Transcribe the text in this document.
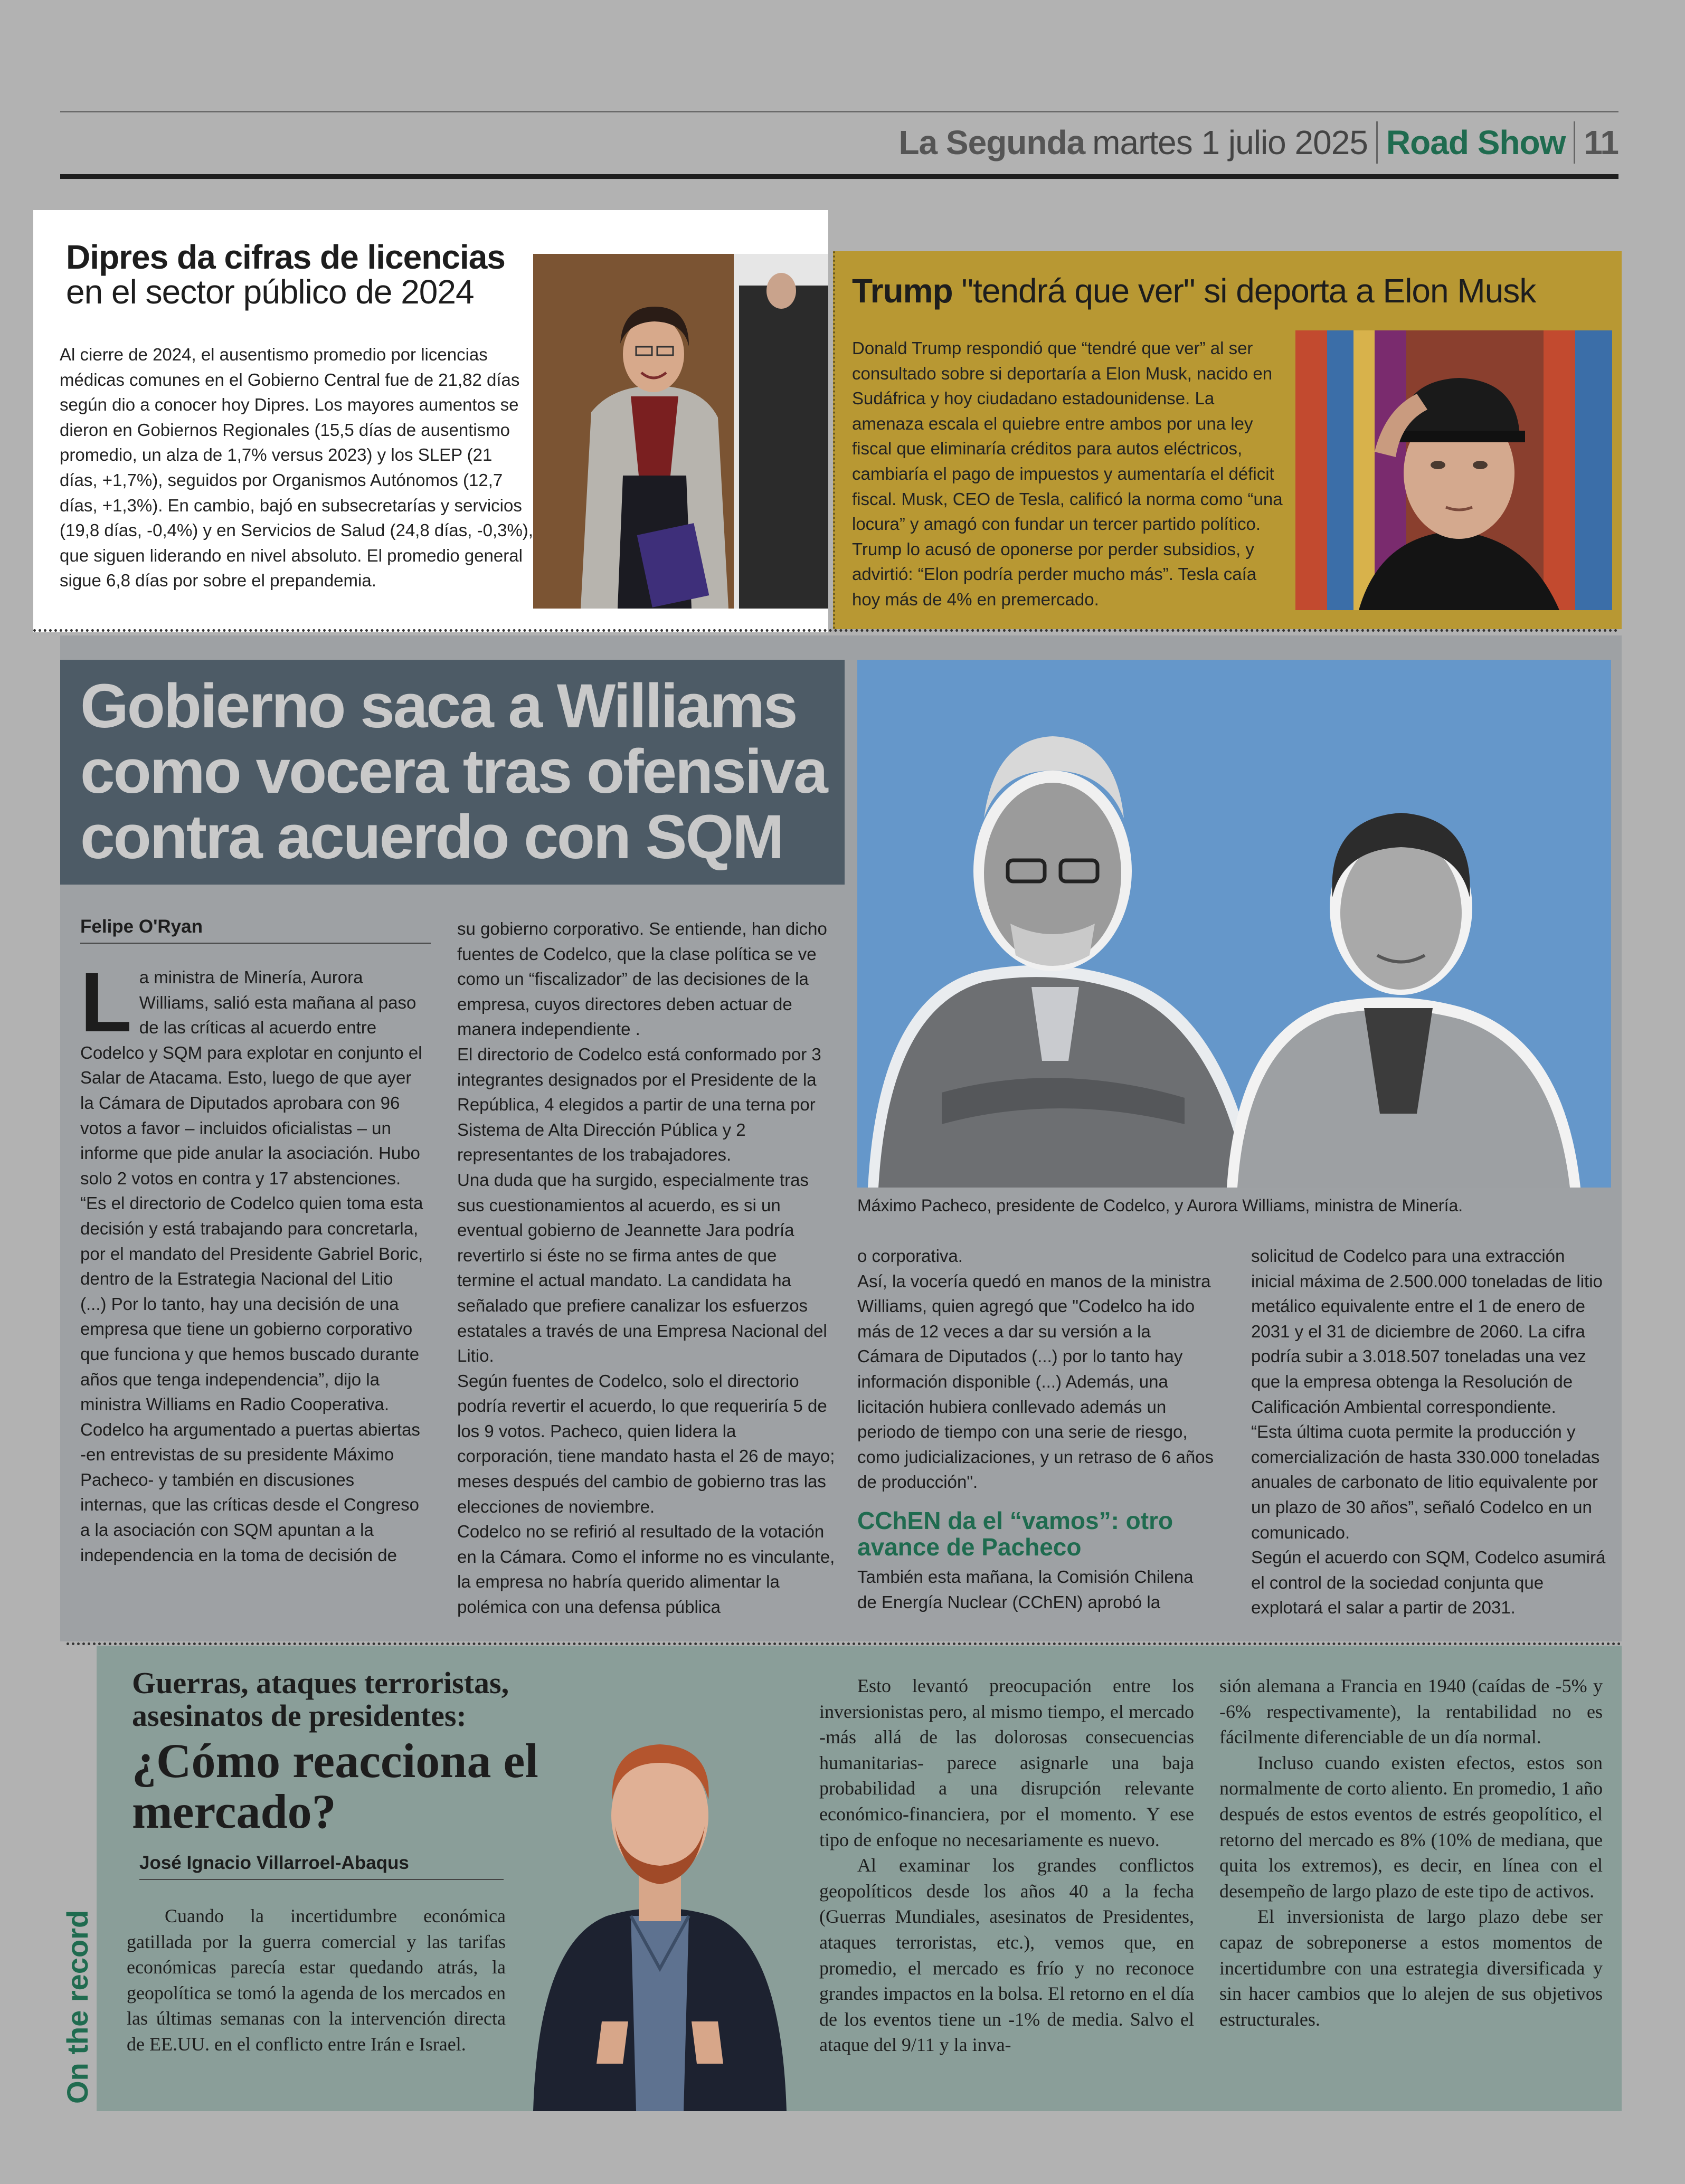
La Segunda martes 1 julio 2025 Road Show 11
Dipres da cifras de licencias
en el sector público de 2024
Al cierre de 2024, el ausentismo promedio por licencias médicas comunes en el Gobierno Central fue de 21,82 días según dio a conocer hoy Dipres. Los mayores aumentos se dieron en Gobiernos Regionales (15,5 días de ausentismo promedio, un alza de 1,7% versus 2023) y los SLEP (21 días, +1,7%), seguidos por Organismos Autónomos (12,7 días, +1,3%). En cambio, bajó en subsecretarías y servicios (19,8 días, -0,4%) y en Servicios de Salud (24,8 días, -0,3%), que siguen liderando en nivel absoluto. El promedio general sigue 6,8 días por sobre el prepandemia.
Trump "tendrá que ver" si deporta a Elon Musk
Donald Trump respondió que “tendré que ver” al ser consultado sobre si deportaría a Elon Musk, nacido en Sudáfrica y hoy ciudadano estadounidense. La amenaza escala el quiebre entre ambos por una ley fiscal que eliminaría créditos para autos eléctricos, cambiaría el pago de impuestos y aumentaría el déficit fiscal. Musk, CEO de Tesla, calificó la norma como “una locura” y amagó con fundar un tercer partido político. Trump lo acusó de oponerse por perder subsidios, y advirtió: “Elon podría perder mucho más”. Tesla caía hoy más de 4% en premercado.
Gobierno saca a Williams como vocera tras ofensiva contra acuerdo con SQM
Felipe O'Ryan
L a ministra de Minería, Aurora Williams, salió esta mañana al paso de las críticas al acuerdo entre Codelco y SQM para explotar en conjunto el Salar de Atacama. Esto, luego de que ayer la Cámara de Diputados aprobara con 96 votos a favor – incluidos oficialistas – un informe que pide anular la asociación. Hubo solo 2 votos en contra y 17 abstenciones.

“Es el directorio de Codelco quien toma esta decisión y está trabajando para concretarla, por el mandato del Presidente Gabriel Boric, dentro de la Estrategia Nacional del Litio (...) Por lo tanto, hay una decisión de una empresa que tiene un gobierno corporativo que funciona y que hemos buscado durante años que tenga independencia”, dijo la ministra Williams en Radio Cooperativa.

Codelco ha argumentado a puertas abiertas -en entrevistas de su presidente Máximo Pacheco- y también en discusiones internas, que las críticas desde el Congreso a la asociación con SQM apuntan a la independencia en la toma de decisión de

su gobierno corporativo. Se entiende, han dicho fuentes de Codelco, que la clase política se ve como un “fiscalizador” de las decisiones de la empresa, cuyos directores deben actuar de manera independiente .

El directorio de Codelco está conformado por 3 integrantes designados por el Presidente de la República, 4 elegidos a partir de una terna por Sistema de Alta Dirección Pública y 2 representantes de los trabajadores.

Una duda que ha surgido, especialmente tras sus cuestionamientos al acuerdo, es si un eventual gobierno de Jeannette Jara podría revertirlo si éste no se firma antes de que termine el actual mandato. La candidata ha señalado que prefiere canalizar los esfuerzos estatales a través de una Empresa Nacional del Litio.

Según fuentes de Codelco, solo el directorio podría revertir el acuerdo, lo que requeriría 5 de los 9 votos. Pacheco, quien lidera la corporación, tiene mandato hasta el 26 de mayo; meses después del cambio de gobierno tras las elecciones de noviembre.

Codelco no se refirió al resultado de la votación en la Cámara. Como el informe no es vinculante, la empresa no habría querido alimentar la polémica con una defensa pública

Máximo Pacheco, presidente de Codelco, y Aurora Williams, ministra de Minería.

o corporativa.

Así, la vocería quedó en manos de la ministra Williams, quien agregó que "Codelco ha ido más de 12 veces a dar su versión a la Cámara de Diputados (...) por lo tanto hay información disponible (...) Además, una licitación hubiera conllevado además un periodo de tiempo con una serie de riesgo, como judicializaciones, y un retraso de 6 años de producción".

CChEN da el “vamos”: otro avance de Pacheco

También esta mañana, la Comisión Chilena de Energía Nuclear (CChEN) aprobó la

solicitud de Codelco para una extracción inicial máxima de 2.500.000 toneladas de litio metálico equivalente entre el 1 de enero de 2031 y el 31 de diciembre de 2060. La cifra podría subir a 3.018.507 toneladas una vez que la empresa obtenga la Resolución de Calificación Ambiental correspondiente.

“Esta última cuota permite la producción y comercialización de hasta 330.000 toneladas anuales de carbonato de litio equivalente por un plazo de 30 años”, señaló Codelco en un comunicado.

Según el acuerdo con SQM, Codelco asumirá el control de la sociedad conjunta que explotará el salar a partir de 2031.

On the record
Guerras, ataques terroristas, asesinatos de presidentes:
¿Cómo reacciona el mercado?
José Ignacio Villarroel-Abaqus

Cuando la incertidumbre económica gatillada por la guerra comercial y las tarifas económicas parecía estar quedando atrás, la geopolítica se tomó la agenda de los mercados en las últimas semanas con la intervención directa de EE.UU. en el conflicto entre Irán e Israel.

Esto levantó preocupación entre los inversionistas pero, al mismo tiempo, el mercado -más allá de las dolorosas consecuencias humanitarias- parece asignarle una baja probabilidad a una disrupción relevante económico-financiera, por el momento. Y ese tipo de enfoque no necesariamente es nuevo.

Al examinar los grandes conflictos geopolíticos desde los años 40 a la fecha (Guerras Mundiales, asesinatos de Presidentes, ataques terroristas, etc.), vemos que, en promedio, el mercado es frío y no reconoce grandes impactos en la bolsa. El retorno en el día de los eventos tiene un -1% de media. Salvo el ataque del 9/11 y la inva-

sión alemana a Francia en 1940 (caídas de -5% y -6% respectivamente), la rentabilidad no es fácilmente diferenciable de un día normal.

Incluso cuando existen efectos, estos son normalmente de corto aliento. En promedio, 1 año después de estos eventos de estrés geopolítico, el retorno del mercado es 8% (10% de mediana, que quita los extremos), es decir, en línea con el desempeño de largo plazo de este tipo de activos.

El inversionista de largo plazo debe ser capaz de sobreponerse a estos momentos de incertidumbre con una estrategia diversificada y sin hacer cambios que lo alejen de sus objetivos estructurales.
